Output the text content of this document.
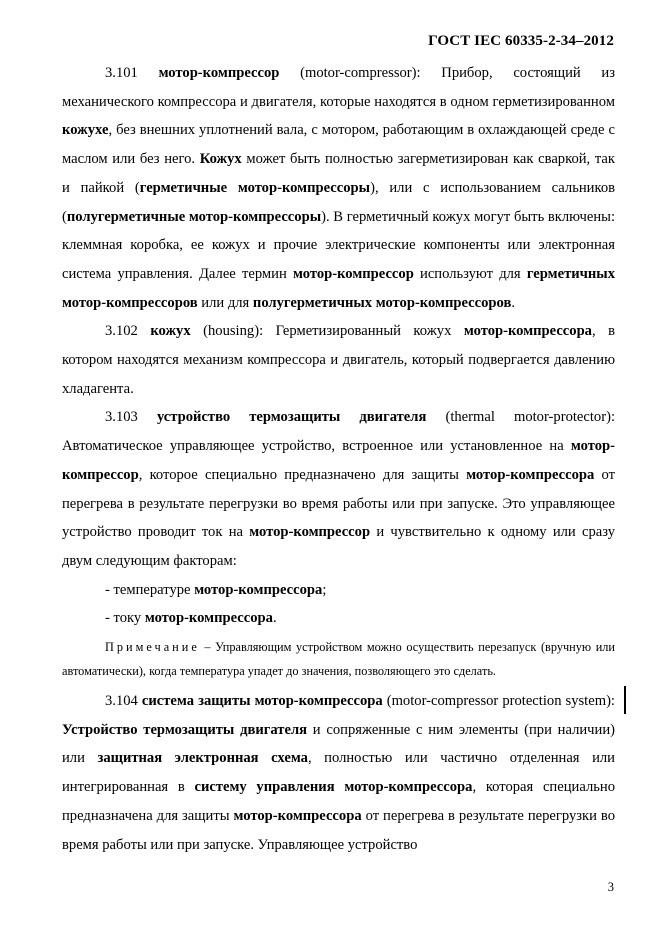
ГОСТ IEC 60335-2-34–2012

3.101 мотор-компрессор (motor-compressor): Прибор, состоящий из механического компрессора и двигателя, которые находятся в одном герметизированном кожухе, без внешних уплотнений вала, с мотором, работающим в охлаждающей среде с маслом или без него. Кожух может быть полностью загерметизирован как сваркой, так и пайкой (герметичные мотор-компрессоры), или с использованием сальников (полугерметичные мотор-компрессоры). В герметичный кожух могут быть включены: клеммная коробка, ее кожух и прочие электрические компоненты или электронная система управления. Далее термин мотор-компрессор используют для герметичных мотор-компрессоров или для полугерметичных мотор-компрессоров.

3.102 кожух (housing): Герметизированный кожух мотор-компрессора, в котором находятся механизм компрессора и двигатель, который подвергается давлению хладагента.

3.103 устройство термозащиты двигателя (thermal motor-protector): Автоматическое управляющее устройство, встроенное или установленное на мотор-компрессор, которое специально предназначено для защиты мотор-компрессора от перегрева в результате перегрузки во время работы или при запуске. Это управляющее устройство проводит ток на мотор-компрессор и чувствительно к одному или сразу двум следующим факторам:

- температуре мотор-компрессора;

- току мотор-компрессора.

Примечание – Управляющим устройством можно осуществить перезапуск (вручную или автоматически), когда температура упадет до значения, позволяющего это сделать.

3.104 система защиты мотор-компрессора (motor-compressor protection system): Устройство термозащиты двигателя и сопряженные с ним элементы (при наличии) или защитная электронная схема, полностью или частично отделенная или интегрированная в систему управления мотор-компрессора, которая специально предназначена для защиты мотор-компрессора от перегрева в результате перегрузки во время работы или при запуске. Управляющее устройство

3
